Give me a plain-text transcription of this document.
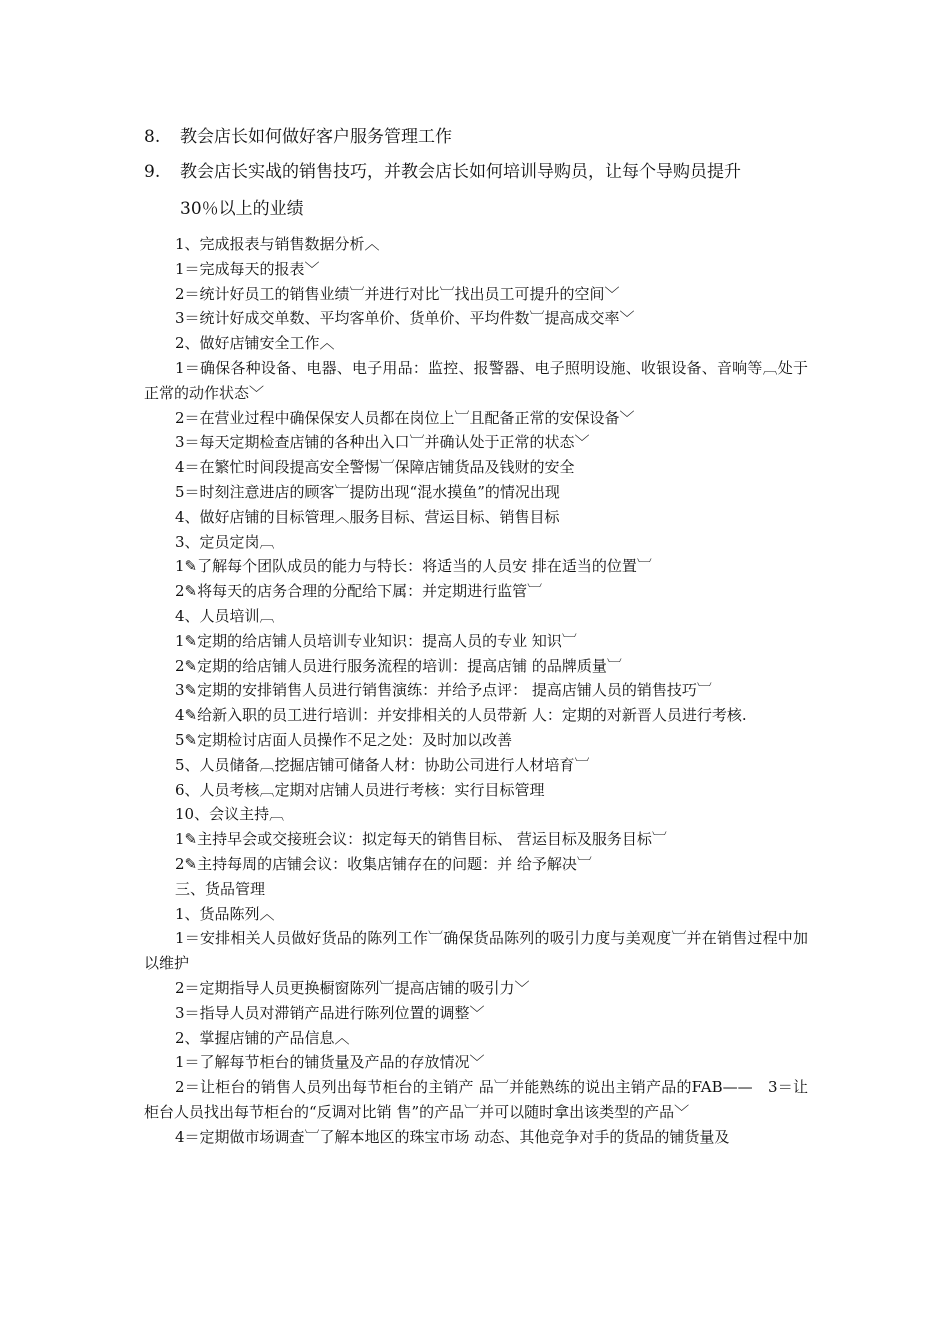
8. 教会店长如何做好客户服务管理工作
9. 教会店长实战的销售技巧，并教会店长如何培训导购员，让每个导购员提升
30％以上的业绩

1、完成报表与销售数据分析︿

1＝完成每天的报表﹀

2＝统计好员工的销售业绩︺并进行对比︺找出员工可提升的空间﹀

3＝统计好成交单数、平均客单价、货单价、平均件数︺提高成交率﹀

2、做好店铺安全工作︿

1＝确保各种设备、电器、电子用品：监控、报警器、电子照明设施、收银设备、音响等︹处于正常的动作状态﹀

2＝在营业过程中确保保安人员都在岗位上︺且配备正常的安保设备﹀

3＝每天定期检查店铺的各种出入口︺并确认处于正常的状态﹀

4＝在繁忙时间段提高安全警惕︺保障店铺货品及钱财的安全

5＝时刻注意进店的顾客︺提防出现“混水摸鱼”的情况出现

4、做好店铺的目标管理︿服务目标、营运目标、销售目标

3、定员定岗︹

1✎了解每个团队成员的能力与特长：将适当的人员安 排在适当的位置︺

2✎将每天的店务合理的分配给下属：并定期进行监管︺

4、人员培训︹

1✎定期的给店铺人员培训专业知识：提高人员的专业 知识︺

2✎定期的给店铺人员进行服务流程的培训：提高店铺 的品牌质量︺

3✎定期的安排销售人员进行销售演练：并给予点评： 提高店铺人员的销售技巧︺

4✎给新入职的员工进行培训：并安排相关的人员带新 人：定期的对新晋人员进行考核.

5✎定期检讨店面人员操作不足之处：及时加以改善

5、人员储备︹挖掘店铺可储备人材：协助公司进行人材培育︺

6、人员考核︹定期对店铺人员进行考核：实行目标管理

10、会议主持︹

1✎主持早会或交接班会议：拟定每天的销售目标、 营运目标及服务目标︺

2✎主持每周的店铺会议：收集店铺存在的问题：并 给予解决︺

三、货品管理

1、货品陈列︿

1＝安排相关人员做好货品的陈列工作︺确保货品陈列的吸引力度与美观度︺并在销售过程中加以维护

2＝定期指导人员更换橱窗陈列︺提高店铺的吸引力﹀

3＝指导人员对滞销产品进行陈列位置的调整﹀

2、掌握店铺的产品信息︿

1＝了解每节柜台的铺货量及产品的存放情况﹀

2＝让柜台的销售人员列出每节柜台的主销产 品︺并能熟练的说出主销产品的FAB——　3＝让柜台人员找出每节柜台的“反调对比销 售”的产品︺并可以随时拿出该类型的产品﹀

4＝定期做市场调查︺了解本地区的珠宝市场 动态、其他竞争对手的货品的铺货量及
